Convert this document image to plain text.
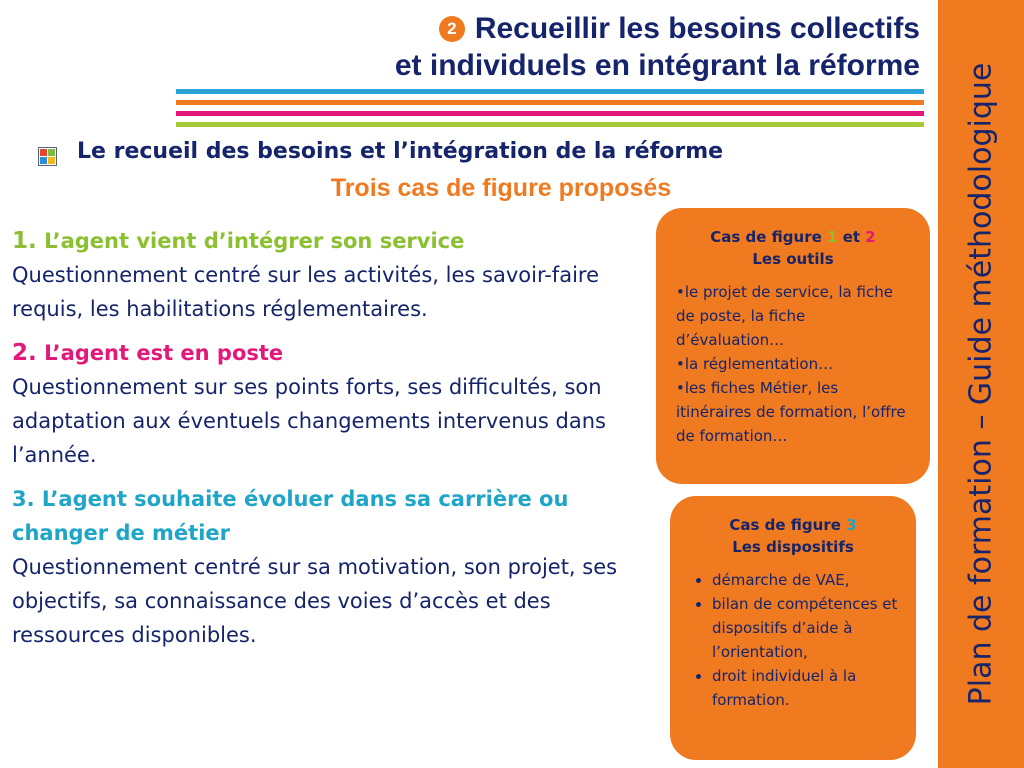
2 Recueillir les besoins collectifs
et individuels en intégrant la réforme Plan de formation – Guide méthodologique
Le recueil des besoins et l’intégration de la réforme
Trois cas de figure proposés
1. L’agent vient d’intégrer son service
Questionnement centré sur les activités, les savoir-faire requis, les habilitations réglementaires.
2. L’agent est en poste
Questionnement sur ses points forts, ses difficultés, son adaptation aux éventuels changements intervenus dans l’année.
3. L’agent souhaite évoluer dans sa carrière ou changer de métier
Questionnement centré sur sa motivation, son projet, ses objectifs, sa connaissance des voies d’accès et des ressources disponibles.
Cas de figure 1 et 2
Les outils
•le projet de service, la fiche de poste, la fiche d’évaluation…
•la réglementation…
•les fiches Métier, les itinéraires de formation, l’offre de formation…
Cas de figure 3
Les dispositifs
• démarche de VAE,
• bilan de compétences et dispositifs d’aide à l’orientation,
• droit individuel à la formation.
